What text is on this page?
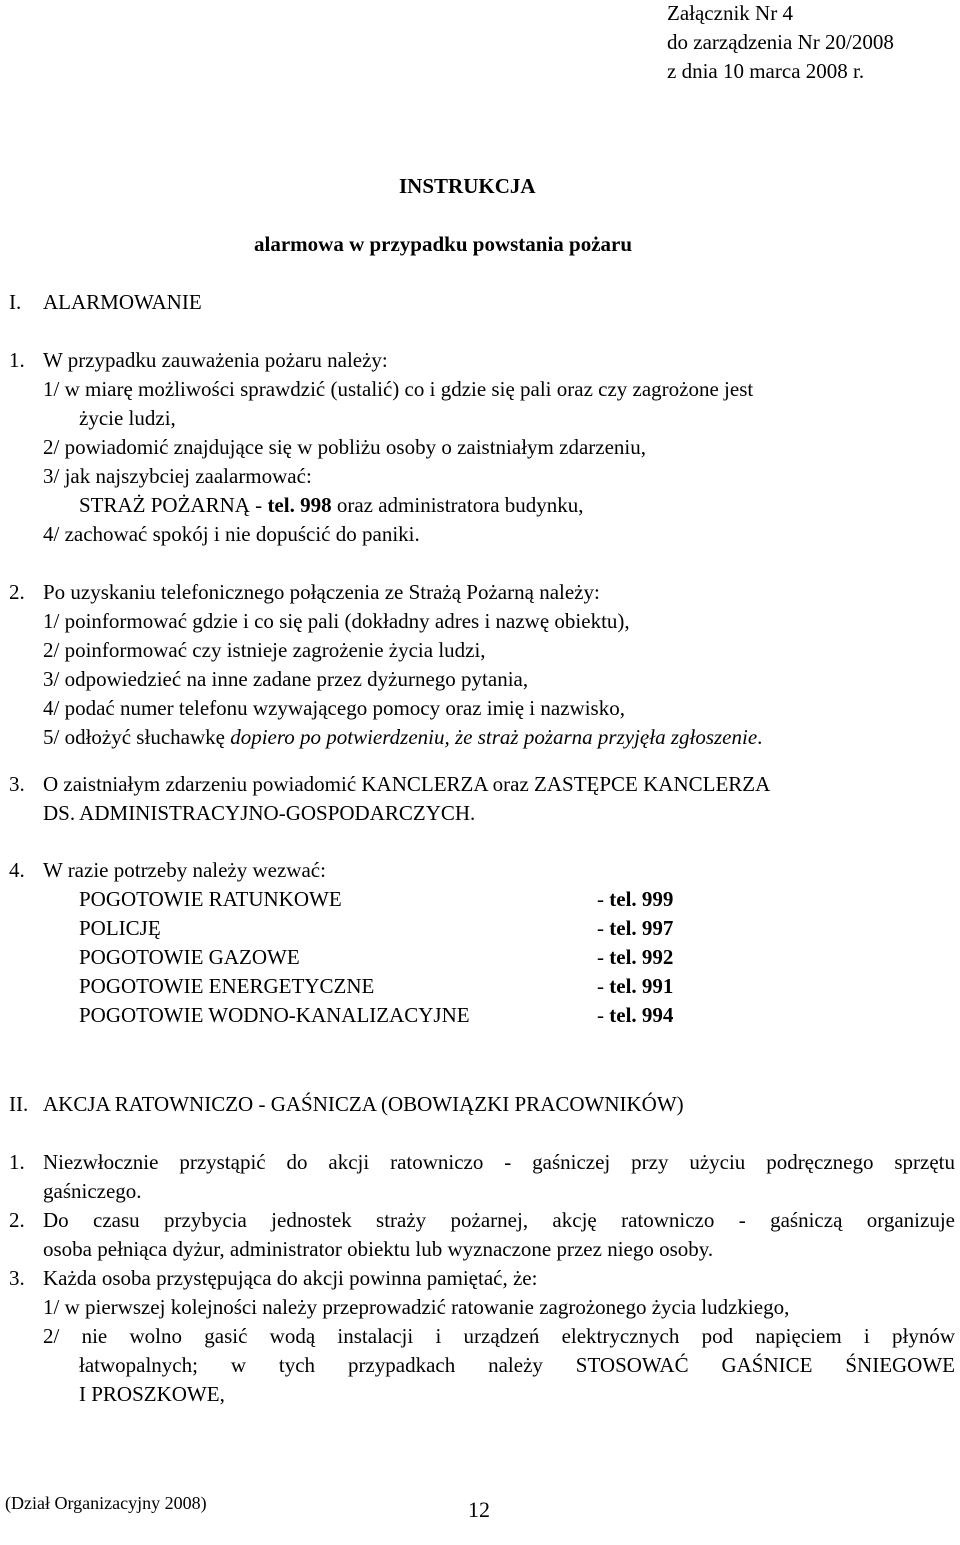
Załącznik Nr 4
do zarządzenia Nr 20/2008
z dnia 10 marca 2008 r.
INSTRUKCJA
alarmowa w przypadku powstania pożaru
I. ALARMOWANIE
1. W przypadku zauważenia pożaru należy:
1/ w miarę możliwości sprawdzić (ustalić) co i gdzie się pali oraz czy zagrożone jest
życie ludzi,
2/ powiadomić znajdujące się w pobliżu osoby o zaistniałym zdarzeniu,
3/ jak najszybciej zaalarmować:
STRAŻ POŻARNĄ - tel. 998 oraz administratora budynku,
4/ zachować spokój i nie dopuścić do paniki.
2. Po uzyskaniu telefonicznego połączenia ze Strażą Pożarną należy:
1/ poinformować gdzie i co się pali (dokładny adres i nazwę obiektu),
2/ poinformować czy istnieje zagrożenie życia ludzi,
3/ odpowiedzieć na inne zadane przez dyżurnego pytania,
4/ podać numer telefonu wzywającego pomocy oraz imię i nazwisko,
5/ odłożyć słuchawkę dopiero po potwierdzeniu, że straż pożarna przyjęła zgłoszenie.
3. O zaistniałym zdarzeniu powiadomić KANCLERZA oraz ZASTĘPCE KANCLERZA
DS. ADMINISTRACYJNO-GOSPODARCZYCH.
4. W razie potrzeby należy wezwać:
POGOTOWIE RATUNKOWE	- tel. 999
POLICJĘ	- tel. 997
POGOTOWIE GAZOWE	- tel. 992
POGOTOWIE ENERGETYCZNE	- tel. 991
POGOTOWIE WODNO-KANALIZACYJNE	- tel. 994
II. AKCJA RATOWNICZO - GAŚNICZA (OBOWIĄZKI PRACOWNIKÓW)
1. Niezwłocznie przystąpić do akcji ratowniczo - gaśniczej przy użyciu podręcznego sprzętu
gaśniczego.
2. Do czasu przybycia jednostek straży pożarnej, akcję ratowniczo - gaśniczą organizuje
osoba pełniąca dyżur, administrator obiektu lub wyznaczone przez niego osoby.
3. Każda osoba przystępująca do akcji powinna pamiętać, że:
1/ w pierwszej kolejności należy przeprowadzić ratowanie zagrożonego życia ludzkiego,
2/ nie wolno gasić wodą instalacji i urządzeń elektrycznych pod napięciem i płynów
łatwopalnych; w tych przypadkach należy STOSOWAĆ GAŚNICE ŚNIEGOWE
I PROSZKOWE,
(Dział Organizacyjny 2008)	12
